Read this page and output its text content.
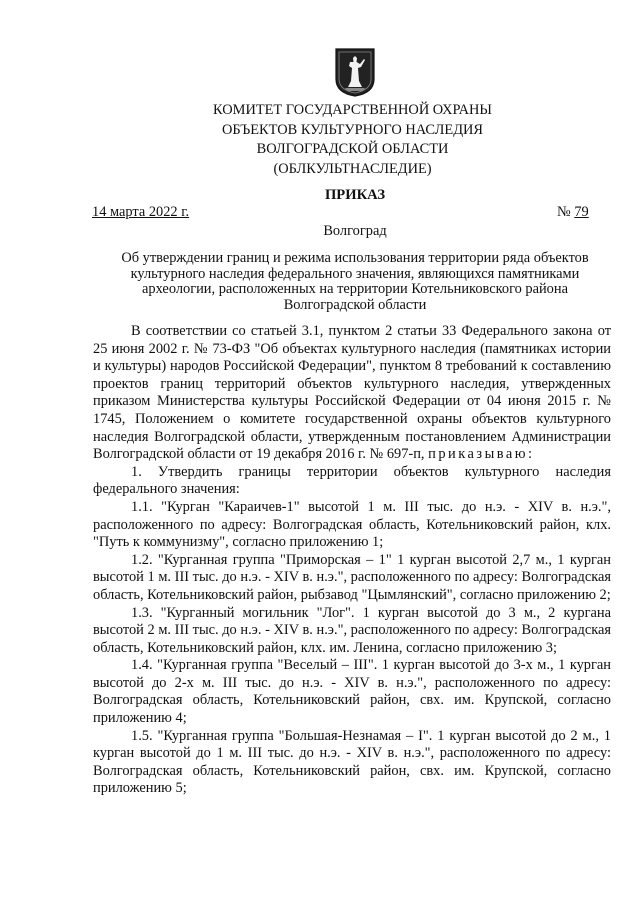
КОМИТЕТ ГОСУДАРСТВЕННОЙ ОХРАНЫ
ОБЪЕКТОВ КУЛЬТУРНОГО НАСЛЕДИЯ
ВОЛГОГРАДСКОЙ ОБЛАСТИ
(ОБЛКУЛЬТНАСЛЕДИЕ)
ПРИКАЗ
14 марта 2022 г.	№ 79
Волгоград
Об утверждении границ и режима использования территории ряда объектов
культурного наследия федерального значения, являющихся памятниками
археологии, расположенных на территории Котельниковского района
Волгоградской области

В соответствии со статьей 3.1, пунктом 2 статьи 33 Федерального закона от 25 июня 2002 г. № 73-ФЗ "Об объектах культурного наследия (памятниках истории и культуры) народов Российской Федерации", пунктом 8 требований к составлению проектов границ территорий объектов культурного наследия, утвержденных приказом Министерства культуры Российской Федерации от 04 июня 2015 г. № 1745, Положением о комитете государственной охраны объектов культурного наследия Волгоградской области, утвержденным постановлением Администрации Волгоградской области от 19 декабря 2016 г. № 697-п, приказываю:

1. Утвердить границы территории объектов культурного наследия федерального значения:

1.1. "Курган "Караичев-1" высотой 1 м. III тыс. до н.э. - XIV в. н.э.", расположенного по адресу: Волгоградская область, Котельниковский район, клх. "Путь к коммунизму", согласно приложению 1;

1.2. "Курганная группа "Приморская – 1" 1 курган высотой 2,7 м., 1 курган высотой 1 м. III тыс. до н.э. - XIV в. н.э.", расположенного по адресу: Волгоградская область, Котельниковский район, рыбзавод "Цымлянский", согласно приложению 2;

1.3. "Курганный могильник "Лог". 1 курган высотой до 3 м., 2 кургана высотой 2 м. III тыс. до н.э. - XIV в. н.э.", расположенного по адресу: Волгоградская область, Котельниковский район, клх. им. Ленина, согласно приложению 3;

1.4. "Курганная группа "Веселый – III". 1 курган высотой до 3-х м., 1 курган высотой до 2-х м. III тыс. до н.э. - XIV в. н.э.", расположенного по адресу: Волгоградская область, Котельниковский район, свх. им. Крупской, согласно приложению 4;

1.5. "Курганная группа "Большая-Незнамая – I". 1 курган высотой до 2 м., 1 курган высотой до 1 м. III тыс. до н.э. - XIV в. н.э.", расположенного по адресу: Волгоградская область, Котельниковский район, свх. им. Крупской, согласно приложению 5;
